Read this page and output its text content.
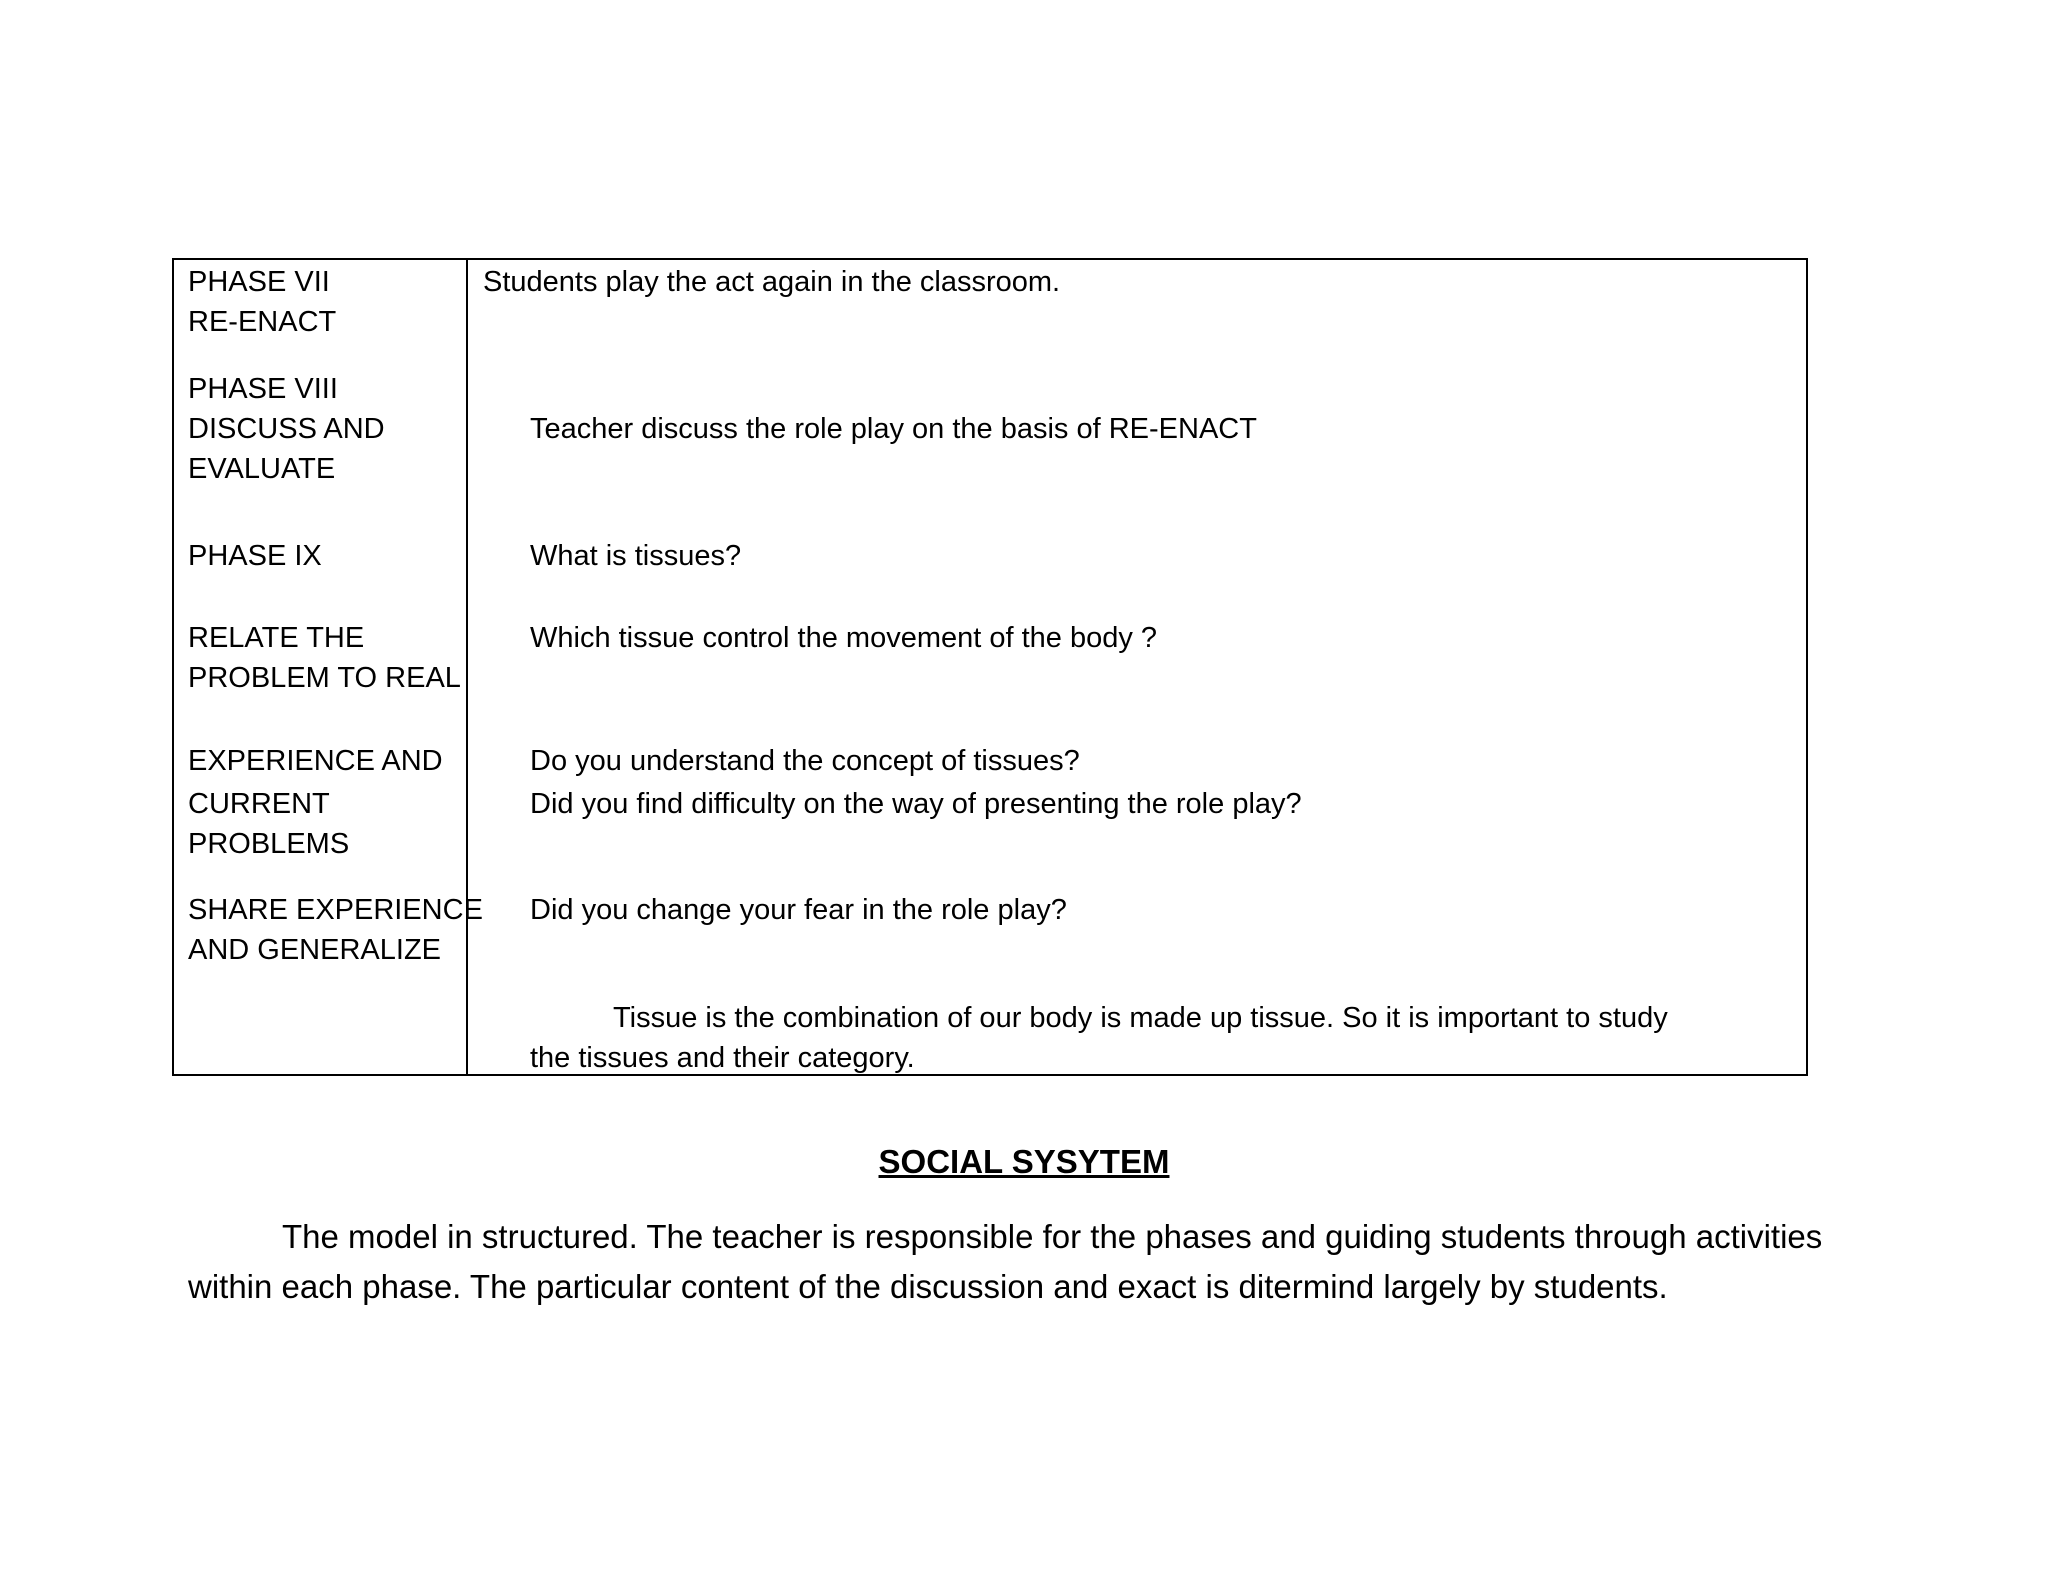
PHASE VII
RE-ENACT
PHASE VIII
DISCUSS AND
EVALUATE
PHASE IX
RELATE THE
PROBLEM TO REAL
EXPERIENCE AND
CURRENT
PROBLEMS
SHARE EXPERIENCE
AND GENERALIZE
Students play the act again in the classroom.
Teacher discuss the role play on the basis of RE-ENACT
What is tissues?
Which tissue control the movement of the body ?
Do you understand the concept of tissues?
Did you find difficulty on the way of presenting the role play?
Did you change your fear in the role play?
Tissue is the combination of our body is made up tissue. So it is important to study
the tissues and their category.
SOCIAL SYSYTEM
The model in structured. The teacher is responsible for the phases and guiding students through activities
within each phase. The particular content of the discussion and exact is ditermind largely by students.
